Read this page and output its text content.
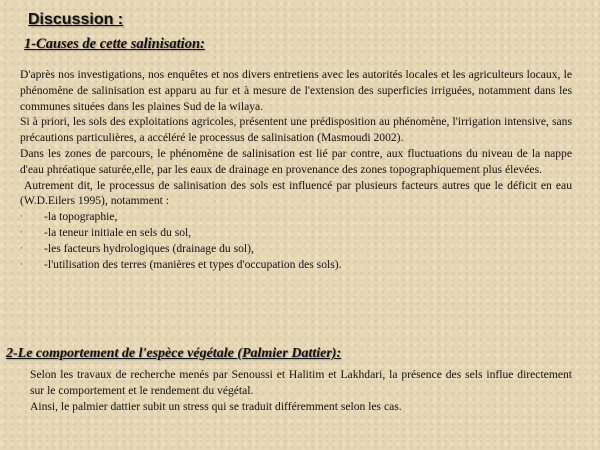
Discussion :
1-Causes de cette salinisation:

D'après nos investigations, nos enquêtes et nos divers entretiens avec les autorités locales et les agriculteurs locaux, le phénomène de salinisation est apparu au fur et à mesure de l'extension des superficies irriguées, notamment dans les communes situées dans les plaines Sud de la wilaya.

Si à priori, les sols des exploitations agricoles, présentent une prédisposition au phénomène, l'irrigation intensive, sans précautions particulières, a accéléré le processus de salinisation (Masmoudi 2002).

Dans les zones de parcours, le phénomène de salinisation est lié par contre, aux fluctuations du niveau de la nappe d'eau phréatique saturée,elle, par les eaux de drainage en provenance des zones topographiquement plus élevées.

Autrement dit, le processus de salinisation des sols est influencé par plusieurs facteurs autres que le déficit en eau (W.D.Eilers 1995), notamment :

·	-la topographie,
·	-la teneur initiale en sels du sol,
·	-les facteurs hydrologiques (drainage du sol),
·	-l'utilisation des terres (manières et types d'occupation des sols).
2-Le comportement de l'espèce végétale (Palmier Dattier):

Selon les travaux de recherche menés par Senoussi et Halitim et Lakhdari, la présence des sels influe directement sur le comportement et le rendement du végétal.

Ainsi, le palmier dattier subit un stress qui se traduit différemment selon les cas.
